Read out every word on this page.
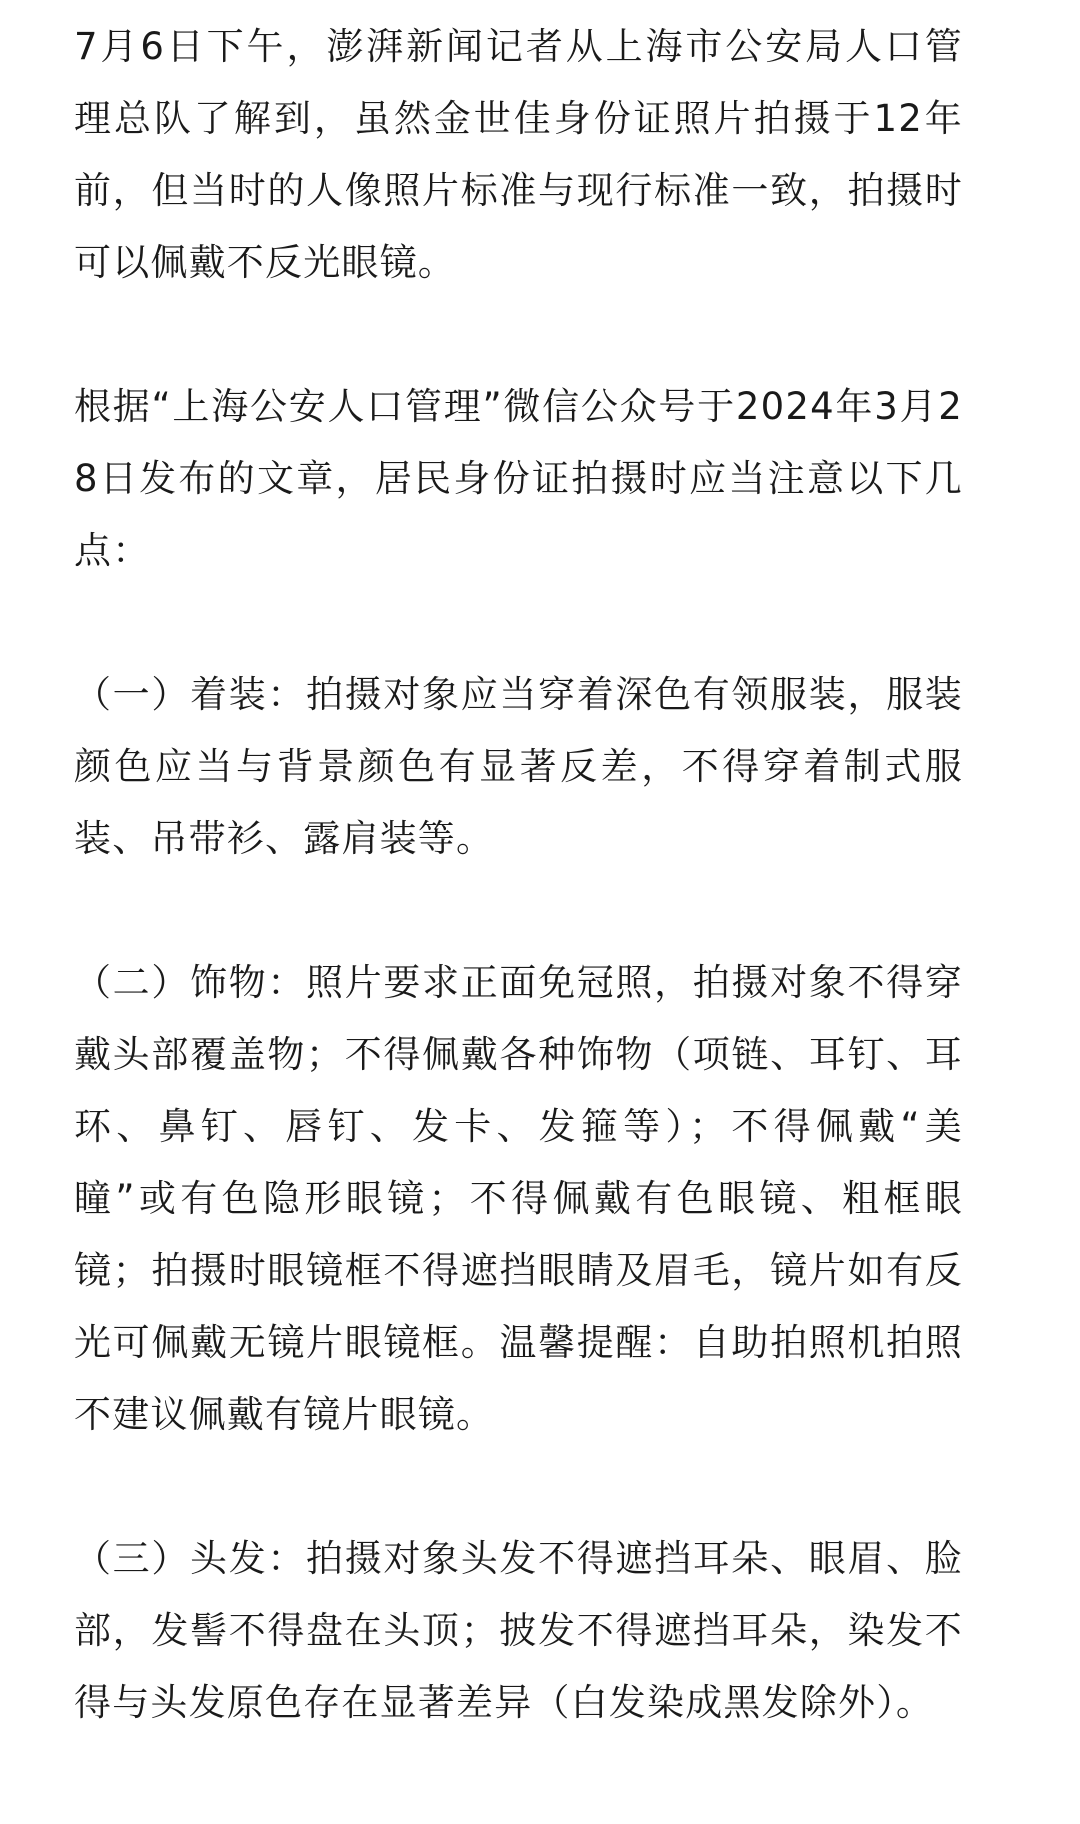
7月6日下午，澎湃新闻记者从上海市公安局人口管理总队了解到，虽然金世佳身份证照片拍摄于12年前，但当时的人像照片标准与现行标准一致，拍摄时可以佩戴不反光眼镜。

根据“上海公安人口管理”微信公众号于2024年3月28日发布的文章，居民身份证拍摄时应当注意以下几点：

（一）着装：拍摄对象应当穿着深色有领服装，服装颜色应当与背景颜色有显著反差，不得穿着制式服装、吊带衫、露肩装等。

（二）饰物：照片要求正面免冠照，拍摄对象不得穿戴头部覆盖物；不得佩戴各种饰物（项链、耳钉、耳环、鼻钉、唇钉、发卡、发箍等）；不得佩戴“美瞳”或有色隐形眼镜；不得佩戴有色眼镜、粗框眼镜；拍摄时眼镜框不得遮挡眼睛及眉毛，镜片如有反光可佩戴无镜片眼镜框。温馨提醒：自助拍照机拍照不建议佩戴有镜片眼镜。

（三）头发：拍摄对象头发不得遮挡耳朵、眼眉、脸部，发髻不得盘在头顶；披发不得遮挡耳朵，染发不得与头发原色存在显著差异（白发染成黑发除外）。
